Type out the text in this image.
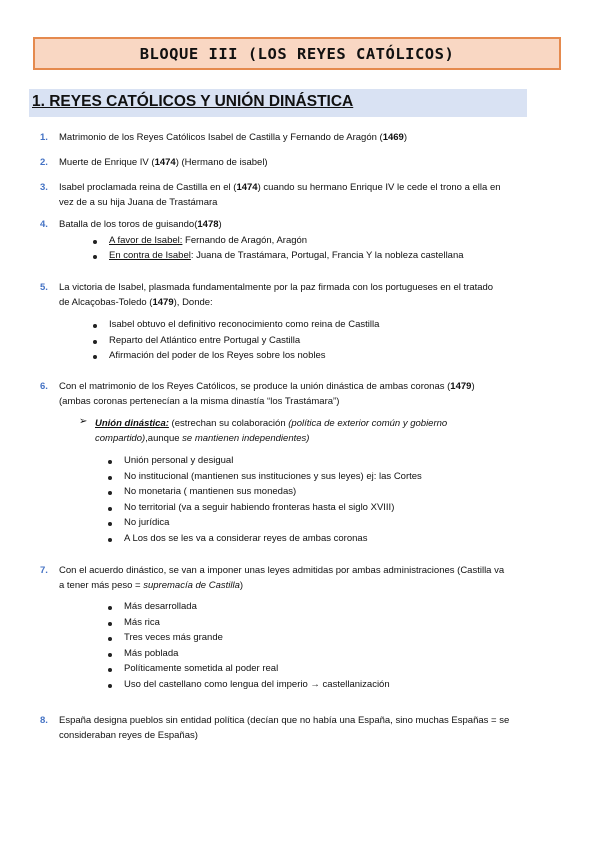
BLOQUE III (LOS REYES CATÓLICOS)
1. REYES CATÓLICOS Y UNIÓN DINÁSTICA
1. Matrimonio de los Reyes Católicos Isabel de Castilla y Fernando de Aragón (1469)
2. Muerte de Enrique IV (1474) (Hermano de isabel)
3. Isabel proclamada reina de Castilla en el (1474) cuando su hermano Enrique IV le cede el trono a ella en
vez de a su hija Juana de Trastámara
4. Batalla de los toros de guisando(1478)
A favor de Isabel: Fernando de Aragón, Aragón
En contra de Isabel: Juana de Trastámara, Portugal, Francia Y la nobleza castellana
5. La victoria de Isabel, plasmada fundamentalmente por la paz firmada con los portugueses en el tratado
de Alcaçobas-Toledo (1479), Donde:
Isabel obtuvo el definitivo reconocimiento como reina de Castilla
Reparto del Atlántico entre Portugal y Castilla
Afirmación del poder de los Reyes sobre los nobles
6. Con el matrimonio de los Reyes Católicos, se produce la unión dinástica de ambas coronas (1479)
(ambas coronas pertenecían a la misma dinastía “los Trastámara”)
➢ Unión dinástica: (estrechan su colaboración (política de exterior común y gobierno
compartido),aunque se mantienen independientes)
Unión personal y desigual
No institucional (mantienen sus instituciones y sus leyes) ej: las Cortes
No monetaria ( mantienen sus monedas)
No territorial (va a seguir habiendo fronteras hasta el siglo XVIII)
No jurídica
A Los dos se les va a considerar reyes de ambas coronas
7. Con el acuerdo dinástico, se van a imponer unas leyes admitidas por ambas administraciones (Castilla va
a tener más peso = supremacía de Castilla)
Más desarrollada
Más rica
Tres veces más grande
Más poblada
Políticamente sometida al poder real
Uso del castellano como lengua del imperio → castellanización
8. España designa pueblos sin entidad política (decían que no había una España, sino muchas Españas = se
consideraban reyes de Españas)
